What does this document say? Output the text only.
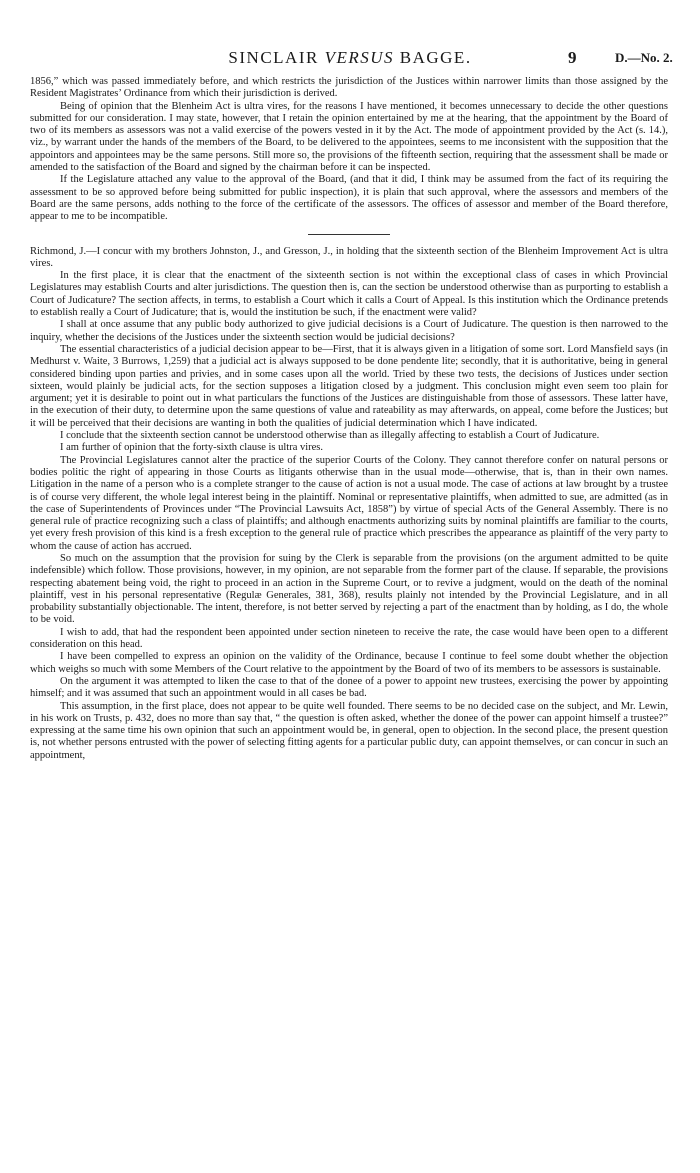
SINCLAIR VERSUS BAGGE.	9	D.—No. 2.

1856,” which was passed immediately before, and which restricts the jurisdiction of the Justices within narrower limits than those assigned by the Resident Magistrates’ Ordinance from which their jurisdiction is derived.

Being of opinion that the Blenheim Act is ultra vires, for the reasons I have mentioned, it becomes unnecessary to decide the other questions submitted for our consideration. I may state, however, that I retain the opinion entertained by me at the hearing, that the appointment by the Board of two of its members as assessors was not a valid exercise of the powers vested in it by the Act. The mode of appointment provided by the Act (s. 14.), viz., by warrant under the hands of the members of the Board, to be delivered to the appointees, seems to me inconsistent with the supposition that the appointors and appointees may be the same persons. Still more so, the provisions of the fifteenth section, requiring that the assessment shall be made or amended to the satisfaction of the Board and signed by the chairman before it can be inspected.

If the Legislature attached any value to the approval of the Board, (and that it did, I think may be assumed from the fact of its requiring the assessment to be so approved before being submitted for public inspection), it is plain that such approval, where the assessors and members of the Board are the same persons, adds nothing to the force of the certificate of the assessors. The offices of assessor and member of the Board therefore, appear to me to be incompatible.

Richmond, J.—I concur with my brothers Johnston, J., and Gresson, J., in holding that the sixteenth section of the Blenheim Improvement Act is ultra vires.

In the first place, it is clear that the enactment of the sixteenth section is not within the exceptional class of cases in which Provincial Legislatures may establish Courts and alter jurisdictions. The question then is, can the section be understood otherwise than as purporting to establish a Court of Judicature? The section affects, in terms, to establish a Court which it calls a Court of Appeal. Is this institution which the Ordinance pretends to establish really a Court of Judicature; that is, would the institution be such, if the enactment were valid?

I shall at once assume that any public body authorized to give judicial decisions is a Court of Judicature. The question is then narrowed to the inquiry, whether the decisions of the Justices under the sixteenth section would be judicial decisions?

The essential characteristics of a judicial decision appear to be—First, that it is always given in a litigation of some sort. Lord Mansfield says (in Medhurst v. Waite, 3 Burrows, 1,259) that a judicial act is always supposed to be done pendente lite; secondly, that it is authoritative, being in general considered binding upon parties and privies, and in some cases upon all the world. Tried by these two tests, the decisions of Justices under section sixteen, would plainly be judicial acts, for the section supposes a litigation closed by a judgment. This conclusion might even seem too plain for argument; yet it is desirable to point out in what particulars the functions of the Justices are distinguishable from those of assessors. These latter have, in the execution of their duty, to determine upon the same questions of value and rateability as may afterwards, on appeal, come before the Justices; but it will be perceived that their decisions are wanting in both the qualities of judicial determination which I have indicated.

I conclude that the sixteenth section cannot be understood otherwise than as illegally affecting to establish a Court of Judicature.

I am further of opinion that the forty-sixth clause is ultra vires.

The Provincial Legislatures cannot alter the practice of the superior Courts of the Colony. They cannot therefore confer on natural persons or bodies politic the right of appearing in those Courts as litigants otherwise than in the usual mode—otherwise, that is, than in their own names. Litigation in the name of a person who is a complete stranger to the cause of action is not a usual mode. The case of actions at law brought by a trustee is of course very different, the whole legal interest being in the plaintiff. Nominal or representative plaintiffs, when admitted to sue, are admitted (as in the case of Superintendents of Provinces under “The Provincial Lawsuits Act, 1858”) by virtue of special Acts of the General Assembly. There is no general rule of practice recognizing such a class of plaintiffs; and although enactments authorizing suits by nominal plaintiffs are familiar to the courts, yet every fresh provision of this kind is a fresh exception to the general rule of practice which prescribes the appearance as plaintiff of the very party to whom the cause of action has accrued.

So much on the assumption that the provision for suing by the Clerk is separable from the provisions (on the argument admitted to be quite indefensible) which follow. Those provisions, however, in my opinion, are not separable from the former part of the clause. If separable, the provisions respecting abatement being void, the right to proceed in an action in the Supreme Court, or to revive a judgment, would on the death of the nominal plaintiff, vest in his personal representative (Regulæ Generales, 381, 368), results plainly not intended by the Provincial Legislature, and in all probability substantially objectionable. The intent, therefore, is not better served by rejecting a part of the enactment than by holding, as I do, the whole to be void.

I wish to add, that had the respondent been appointed under section nineteen to receive the rate, the case would have been open to a different consideration on this head.

I have been compelled to express an opinion on the validity of the Ordinance, because I continue to feel some doubt whether the objection which weighs so much with some Members of the Court relative to the appointment by the Board of two of its members to be assessors is sustainable.

On the argument it was attempted to liken the case to that of the donee of a power to appoint new trustees, exercising the power by appointing himself; and it was assumed that such an appointment would in all cases be bad.

This assumption, in the first place, does not appear to be quite well founded. There seems to be no decided case on the subject, and Mr. Lewin, in his work on Trusts, p. 432, does no more than say that, “ the question is often asked, whether the donee of the power can appoint himself a trustee?” expressing at the same time his own opinion that such an appointment would be, in general, open to objection. In the second place, the present question is, not whether persons entrusted with the power of selecting fitting agents for a particular public duty, can appoint themselves, or can concur in such an appointment,
